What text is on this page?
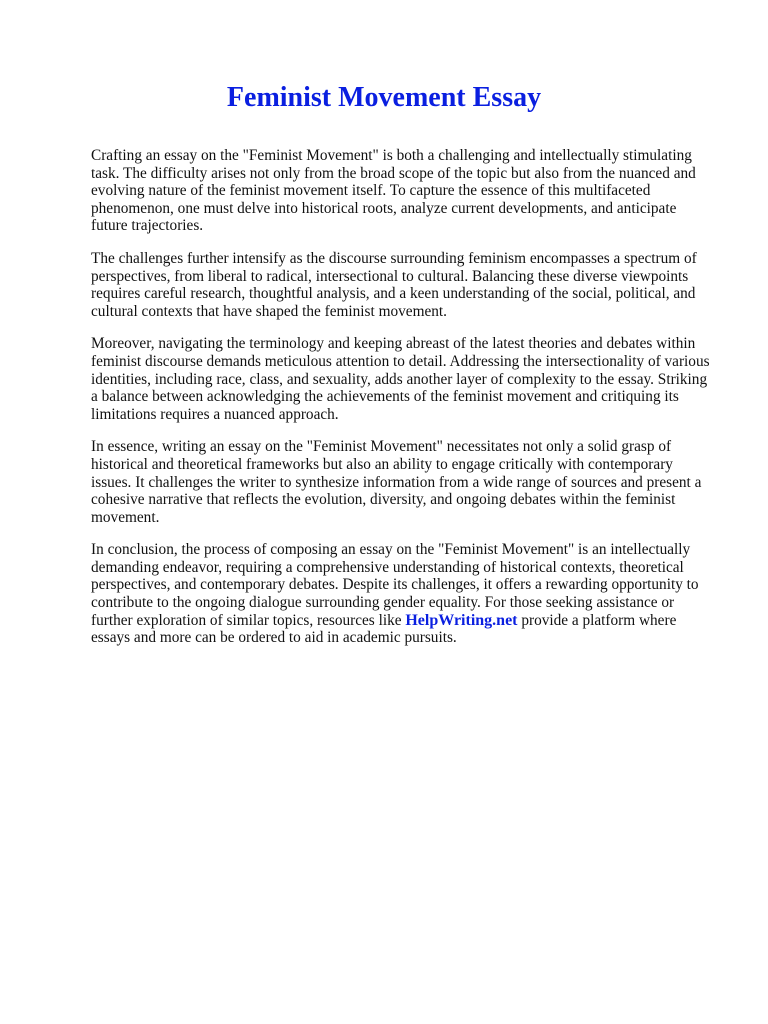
Feminist Movement Essay

Crafting an essay on the "Feminist Movement" is both a challenging and intellectually stimulating task. The difficulty arises not only from the broad scope of the topic but also from the nuanced and evolving nature of the feminist movement itself. To capture the essence of this multifaceted phenomenon, one must delve into historical roots, analyze current developments, and anticipate future trajectories.

The challenges further intensify as the discourse surrounding feminism encompasses a spectrum of perspectives, from liberal to radical, intersectional to cultural. Balancing these diverse viewpoints requires careful research, thoughtful analysis, and a keen understanding of the social, political, and cultural contexts that have shaped the feminist movement.

Moreover, navigating the terminology and keeping abreast of the latest theories and debates within feminist discourse demands meticulous attention to detail. Addressing the intersectionality of various identities, including race, class, and sexuality, adds another layer of complexity to the essay. Striking a balance between acknowledging the achievements of the feminist movement and critiquing its limitations requires a nuanced approach.

In essence, writing an essay on the "Feminist Movement" necessitates not only a solid grasp of historical and theoretical frameworks but also an ability to engage critically with contemporary issues. It challenges the writer to synthesize information from a wide range of sources and present a cohesive narrative that reflects the evolution, diversity, and ongoing debates within the feminist movement.

In conclusion, the process of composing an essay on the "Feminist Movement" is an intellectually demanding endeavor, requiring a comprehensive understanding of historical contexts, theoretical perspectives, and contemporary debates. Despite its challenges, it offers a rewarding opportunity to contribute to the ongoing dialogue surrounding gender equality. For those seeking assistance or further exploration of similar topics, resources like HelpWriting.net provide a platform where essays and more can be ordered to aid in academic pursuits.
